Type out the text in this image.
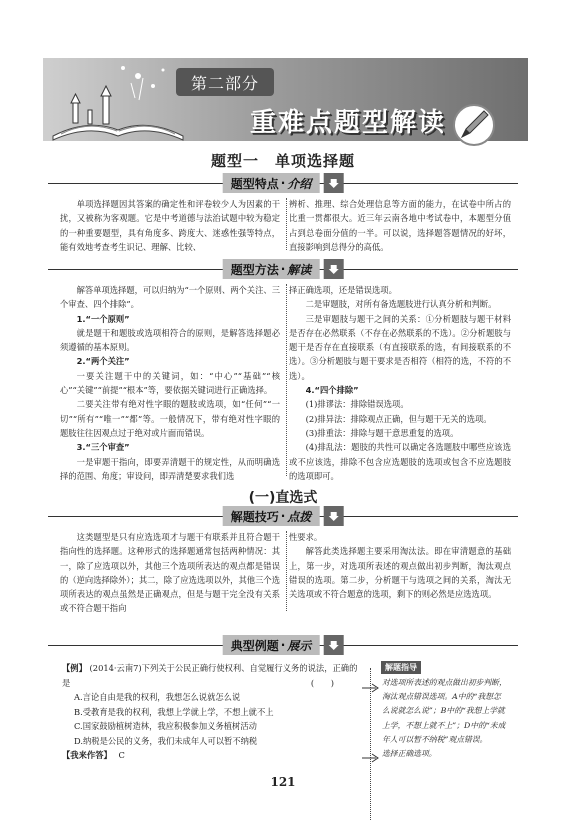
第二部分
重难点题型解读
题型一　单项选择题
题型特点 · 介绍

单项选择题因其答案的确定性和评卷较少人为因素的干扰，又被称为客观题。它是中考道德与法治试题中较为稳定的一种重要题型，具有角度多、跨度大、迷惑性强等特点，能有效地考查考生识记、理解、比较、

辨析、推理、综合处理信息等方面的能力，在试卷中所占的比重一贯都很大。近三年云南各地中考试卷中，本题型分值占到总卷面分值的一半。可以说，选择题答题情况的好坏，直接影响到总得分的高低。

题型方法 · 解读

解答单项选择题，可以归纳为“一个原则、两个关注、三个审查、四个排除”。

1.“一个原则”

就是题干和题肢或选项相符合的原则，是解答选择题必须遵循的基本原则。

2.“两个关注”

一要关注题干中的关键词，如：“中心”“基础”“核心”“关键”“前提”“根本”等，要依据关键词进行正确选择。

二要关注带有绝对性字眼的题肢或选项，如“任何”“一切”“所有”“唯一”“都”等。一般情况下，带有绝对性字眼的题肢往往因观点过于绝对或片面而错误。

3.“三个审查”

一是审题干指向，即要弄清题干的规定性，从而明确选择的范围、角度；审设问，即弄清楚要求我们选

择正确选项，还是错误选项。

二是审题肢，对所有备选题肢进行认真分析和判断。

三是审题肢与题干之间的关系：①分析题肢与题干材料是否存在必然联系（不存在必然联系的不选）。②分析题肢与题干是否存在直接联系（有直接联系的选，有间接联系的不选）。③分析题肢与题干要求是否相符（相符的选，不符的不选）。

4.“四个排除”

(1)排谬法：排除错误选项。

(2)排异法：排除观点正确，但与题干无关的选项。

(3)排重法：排除与题干意思重复的选项。

(4)排乱法：题肢的共性可以确定各选题肢中哪些应该选或不应该选，排除不包含应选题肢的选项或包含不应选题肢的选项即可。

(一)直选式
解题技巧 · 点拨

这类题型是只有应选选项才与题干有联系并且符合题干指向性的选择题。这种形式的选择题通常包括两种情况：其一，除了应选项以外，其他三个选项所表达的观点都是错误的（逆向选择除外）；其二，除了应选选项以外，其他三个选项所表达的观点虽然是正确观点，但是与题干完全没有关系或不符合题干指向

性要求。

解答此类选择题主要采用淘汰法。即在审清题意的基础上，第一步，对选项所表述的观点做出初步判断，淘汰观点错误的选项。第二步，分析题干与选项之间的关系，淘汰无关选项或不符合题意的选项，剩下的则必然是应选选项。

典型例题 · 展示

【例】 (2014·云南7)下列关于公民正确行使权利、自觉履行义务的说法，正确的是	(　　)

A.言论自由是我的权利，我想怎么说就怎么说

B.受教育是我的权利，我想上学就上学，不想上就不上

C.国家鼓励植树造林，我应积极参加义务植树活动

D.纳税是公民的义务，我们未成年人可以暂不纳税

【我来作答】 C

解题指导
对选项所表述的观点做出初步判断，
淘汰观点错误选项。A中的“我想怎
么说就怎么说”；B中的“我想上学就
上学，不想上就不上”；D中的“未成
年人可以暂不纳税”观点错误。
选择正确选项。
121
